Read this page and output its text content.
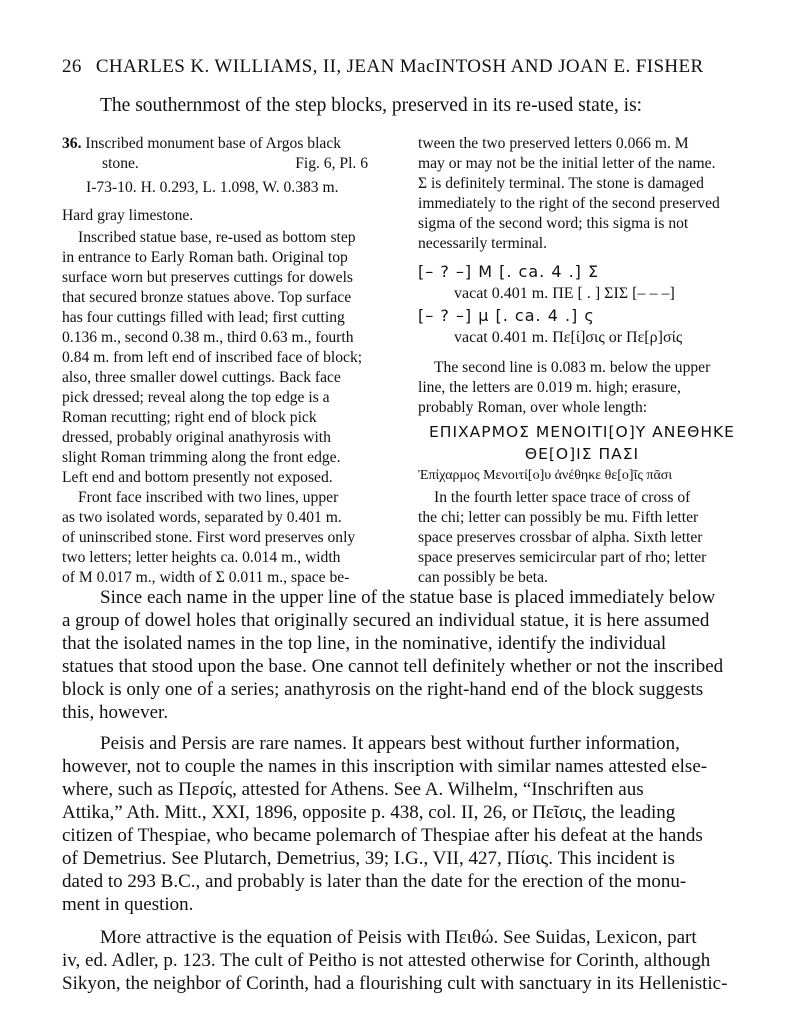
26 CHARLES K. WILLIAMS, II, JEAN MacINTOSH AND JOAN E. FISHER
The southernmost of the step blocks, preserved in its re-used state, is:
36. Inscribed monument base of Argos black
stone.	Fig. 6, Pl. 6
I-73-10. H. 0.293, L. 1.098, W. 0.383 m.
Hard gray limestone.
Inscribed statue base, re-used as bottom step
in entrance to Early Roman bath. Original top
surface worn but preserves cuttings for dowels
that secured bronze statues above. Top surface
has four cuttings filled with lead; first cutting
0.136 m., second 0.38 m., third 0.63 m., fourth
0.84 m. from left end of inscribed face of block;
also, three smaller dowel cuttings. Back face
pick dressed; reveal along the top edge is a
Roman recutting; right end of block pick
dressed, probably original anathyrosis with
slight Roman trimming along the front edge.
Left end and bottom presently not exposed.
Front face inscribed with two lines, upper
as two isolated words, separated by 0.401 m.
of uninscribed stone. First word preserves only
two letters; letter heights ca. 0.014 m., width
of M 0.017 m., width of Σ 0.011 m., space be-
tween the two preserved letters 0.066 m. M
may or may not be the initial letter of the name.
Σ is definitely terminal. The stone is damaged
immediately to the right of the second preserved
sigma of the second word; this sigma is not
necessarily terminal.
[– ? –] M [. ca. 4 .] Σ
vacat 0.401 m. ΠΕ [ . ] ΣΙΣ [– – –]
[– ? –] μ [. ca. 4 .] ς
vacat 0.401 m. Πε[ί]σις or Πε[ρ]σίς
The second line is 0.083 m. below the upper
line, the letters are 0.019 m. high; erasure,
probably Roman, over whole length:
ΕΠΙΧΑΡΜΟΣ ΜΕΝΟΙΤΙ[Ο]Υ ΑΝΕΘΗΚΕ
ΘΕ[Ο]ΙΣ ΠΑΣΙ
Ἐπίχαρμος Μενοιτί[ο]υ ἀνέθηκε θε[ο]ῖς πᾶσι
In the fourth letter space trace of cross of
the chi; letter can possibly be mu. Fifth letter
space preserves crossbar of alpha. Sixth letter
space preserves semicircular part of rho; letter
can possibly be beta.
Since each name in the upper line of the statue base is placed immediately below
a group of dowel holes that originally secured an individual statue, it is here assumed
that the isolated names in the top line, in the nominative, identify the individual
statues that stood upon the base. One cannot tell definitely whether or not the inscribed
block is only one of a series; anathyrosis on the right-hand end of the block suggests
this, however.
Peisis and Persis are rare names. It appears best without further information,
however, not to couple the names in this inscription with similar names attested else-
where, such as Περσίς, attested for Athens. See A. Wilhelm, “Inschriften aus
Attika,” Ath. Mitt., XXI, 1896, opposite p. 438, col. II, 26, or Πεῖσις, the leading
citizen of Thespiae, who became polemarch of Thespiae after his defeat at the hands
of Demetrius. See Plutarch, Demetrius, 39; I.G., VII, 427, Πίσις. This incident is
dated to 293 B.C., and probably is later than the date for the erection of the monu-
ment in question.
More attractive is the equation of Peisis with Πειθώ. See Suidas, Lexicon, part
iv, ed. Adler, p. 123. The cult of Peitho is not attested otherwise for Corinth, although
Sikyon, the neighbor of Corinth, had a flourishing cult with sanctuary in its Hellenistic-
